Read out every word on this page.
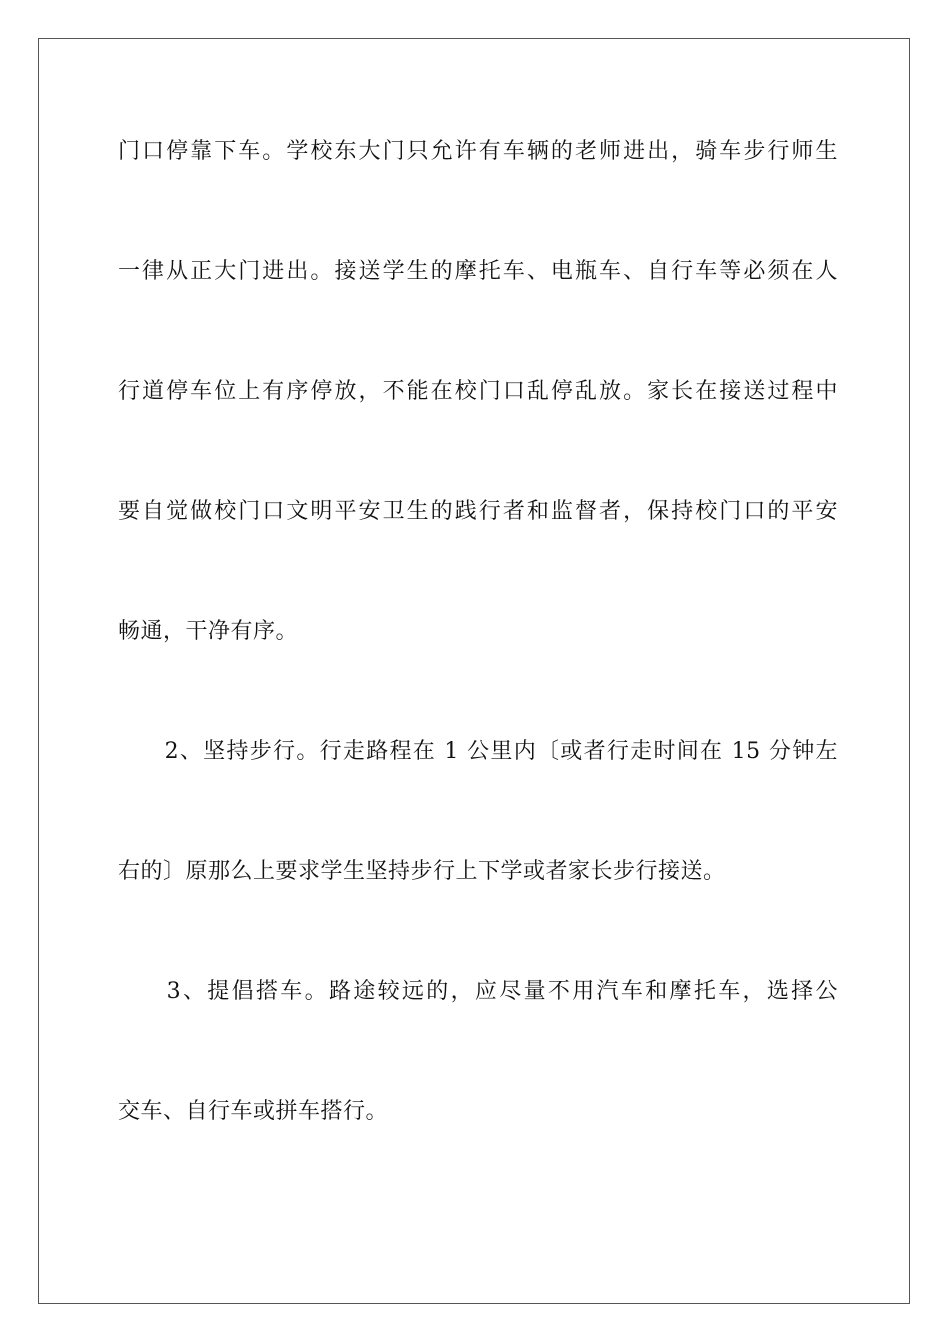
门口停靠下车。学校东大门只允许有车辆的老师进出，骑车步行师生
一律从正大门进出。接送学生的摩托车、电瓶车、自行车等必须在人
行道停车位上有序停放，不能在校门口乱停乱放。家长在接送过程中
要自觉做校门口文明平安卫生的践行者和监督者，保持校门口的平安
畅通，干净有序。
　　2、坚持步行。行走路程在 1 公里内〔或者行走时间在 15 分钟左
右的〕原那么上要求学生坚持步行上下学或者家长步行接送。
　　3、提倡搭车。路途较远的，应尽量不用汽车和摩托车，选择公
交车、自行车或拼车搭行。
